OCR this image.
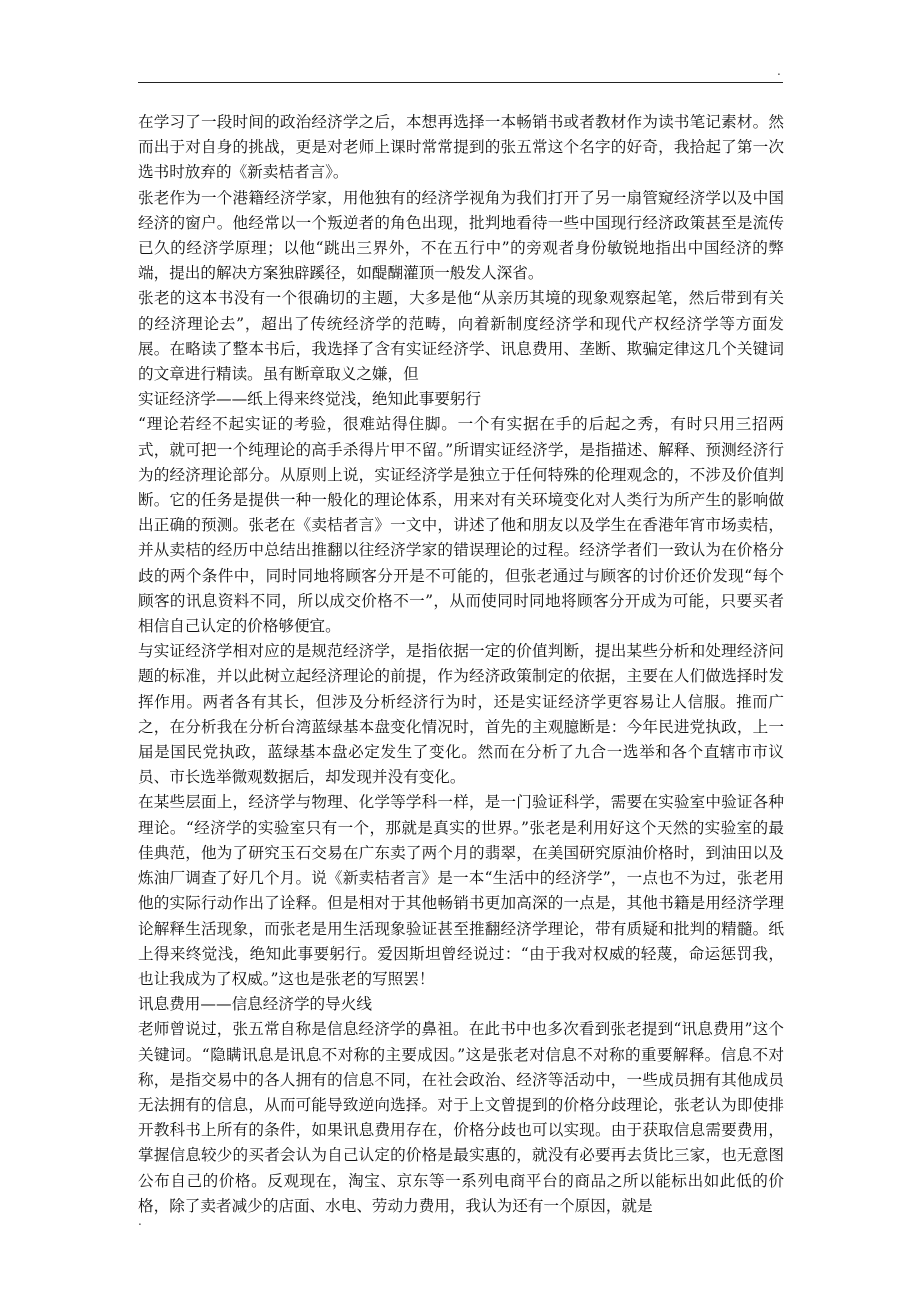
.

在学习了一段时间的政治经济学之后，本想再选择一本畅销书或者教材作为读书笔记素材。然而出于对自身的挑战，更是对老师上课时常常提到的张五常这个名字的好奇，我拾起了第一次选书时放弃的《新卖桔者言》。

张老作为一个港籍经济学家，用他独有的经济学视角为我们打开了另一扇管窥经济学以及中国经济的窗户。他经常以一个叛逆者的角色出现，批判地看待一些中国现行经济政策甚至是流传已久的经济学原理；以他“跳出三界外，不在五行中”的旁观者身份敏锐地指出中国经济的弊端，提出的解决方案独辟蹊径，如醍醐灌顶一般发人深省。

张老的这本书没有一个很确切的主题，大多是他“从亲历其境的现象观察起笔，然后带到有关的经济理论去”，超出了传统经济学的范畴，向着新制度经济学和现代产权经济学等方面发展。在略读了整本书后，我选择了含有实证经济学、讯息费用、垄断、欺骗定律这几个关键词的文章进行精读。虽有断章取义之嫌，但

实证经济学——纸上得来终觉浅，绝知此事要躬行

“理论若经不起实证的考验，很难站得住脚。一个有实据在手的后起之秀，有时只用三招两式，就可把一个纯理论的高手杀得片甲不留。”所谓实证经济学，是指描述、解释、预测经济行为的经济理论部分。从原则上说，实证经济学是独立于任何特殊的伦理观念的，不涉及价值判断。它的任务是提供一种一般化的理论体系，用来对有关环境变化对人类行为所产生的影响做出正确的预测。张老在《卖桔者言》一文中，讲述了他和朋友以及学生在香港年宵市场卖桔，并从卖桔的经历中总结出推翻以往经济学家的错误理论的过程。经济学者们一致认为在价格分歧的两个条件中，同时同地将顾客分开是不可能的，但张老通过与顾客的讨价还价发现“每个顾客的讯息资料不同，所以成交价格不一”，从而使同时同地将顾客分开成为可能，只要买者相信自己认定的价格够便宜。

与实证经济学相对应的是规范经济学，是指依据一定的价值判断，提出某些分析和处理经济问题的标准，并以此树立起经济理论的前提，作为经济政策制定的依据，主要在人们做选择时发挥作用。两者各有其长，但涉及分析经济行为时，还是实证经济学更容易让人信服。推而广之，在分析我在分析台湾蓝绿基本盘变化情况时，首先的主观臆断是：今年民进党执政，上一届是国民党执政，蓝绿基本盘必定发生了变化。然而在分析了九合一选举和各个直辖市市议员、市长选举微观数据后，却发现并没有变化。

在某些层面上，经济学与物理、化学等学科一样，是一门验证科学，需要在实验室中验证各种理论。“经济学的实验室只有一个，那就是真实的世界。”张老是利用好这个天然的实验室的最佳典范，他为了研究玉石交易在广东卖了两个月的翡翠，在美国研究原油价格时，到油田以及炼油厂调查了好几个月。说《新卖桔者言》是一本“生活中的经济学”，一点也不为过，张老用他的实际行动作出了诠释。但是相对于其他畅销书更加高深的一点是，其他书籍是用经济学理论解释生活现象，而张老是用生活现象验证甚至推翻经济学理论，带有质疑和批判的精髓。纸上得来终觉浅，绝知此事要躬行。爱因斯坦曾经说过：“由于我对权威的轻蔑，命运惩罚我，也让我成为了权威。”这也是张老的写照罢！

讯息费用——信息经济学的导火线

老师曾说过，张五常自称是信息经济学的鼻祖。在此书中也多次看到张老提到“讯息费用”这个关键词。“隐瞒讯息是讯息不对称的主要成因。”这是张老对信息不对称的重要解释。信息不对称，是指交易中的各人拥有的信息不同，在社会政治、经济等活动中，一些成员拥有其他成员无法拥有的信息，从而可能导致逆向选择。对于上文曾提到的价格分歧理论，张老认为即使排开教科书上所有的条件，如果讯息费用存在，价格分歧也可以实现。由于获取信息需要费用，掌握信息较少的买者会认为自己认定的价格是最实惠的，就没有必要再去货比三家，也无意图公布自己的价格。反观现在，淘宝、京东等一系列电商平台的商品之所以能标出如此低的价格，除了卖者减少的店面、水电、劳动力费用，我认为还有一个原因，就是

.
